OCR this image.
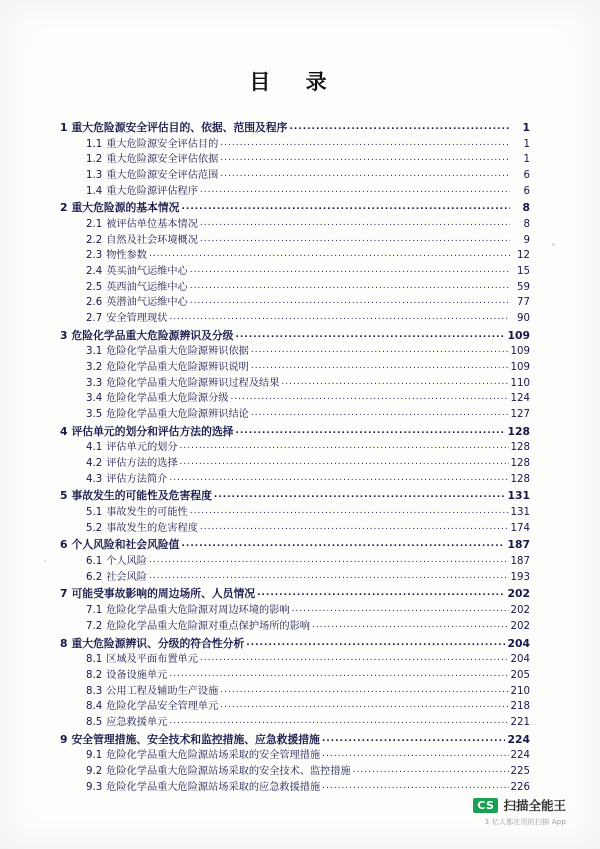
目 录
1 重大危险源安全评估目的、依据、范围及程序 .....	1
1.1 重大危险源安全评估目的 .....	1
1.2 重大危险源安全评估依据 .....	1
1.3 重大危险源安全评估范围 .....	6
1.4 重大危险源评估程序 .....	6
2 重大危险源的基本情况 .....	8
2.1 被评估单位基本情况 .....	8
2.2 自然及社会环境概况 .....	9
2.3 物性参数 .....	12
2.4 英买油气运维中心 .....	15
2.5 英西油气运维中心 .....	59
2.6 英潜油气运维中心 .....	77
2.7 安全管理现状 .....	90
3 危险化学品重大危险源辨识及分级 .....	109
3.1 危险化学品重大危险源辨识依据 .....	109
3.2 危险化学品重大危险源辨识说明 .....	109
3.3 危险化学品重大危险源辨识过程及结果 .....	110
3.4 危险化学品重大危险源分级 .....	124
3.5 危险化学品重大危险源辨识结论 .....	127
4 评估单元的划分和评估方法的选择 .....	128
4.1 评估单元的划分 .....	128
4.2 评估方法的选择 .....	128
4.3 评估方法简介 .....	128
5 事故发生的可能性及危害程度 .....	131
5.1 事故发生的可能性 .....	131
5.2 事故发生的危害程度 .....	174
6 个人风险和社会风险值 .....	187
6.1 个人风险 .....	187
6.2 社会风险 .....	193
7 可能受事故影响的周边场所、人员情况 .....	202
7.1 危险化学品重大危险源对周边环境的影响 .....	202
7.2 危险化学品重大危险源对重点保护场所的影响 .....	202
8 重大危险源辨识、分级的符合性分析 .....	204
8.1 区域及平面布置单元 .....	204
8.2 设备设施单元 .....	205
8.3 公用工程及辅助生产设施 .....	210
8.4 危险化学品安全管理单元 .....	218
8.5 应急救援单元 .....	221
9 安全管理措施、安全技术和监控措施、应急救援措施 .....	224
9.1 危险化学品重大危险源站场采取的安全管理措施 .....	224
9.2 危险化学品重大危险源站场采取的安全技术、监控措施 .....	225
9.3 危险化学品重大危险源站场采取的应急救援措施 .....	226
CS 扫描全能王
3 亿人都在用的扫描 App
